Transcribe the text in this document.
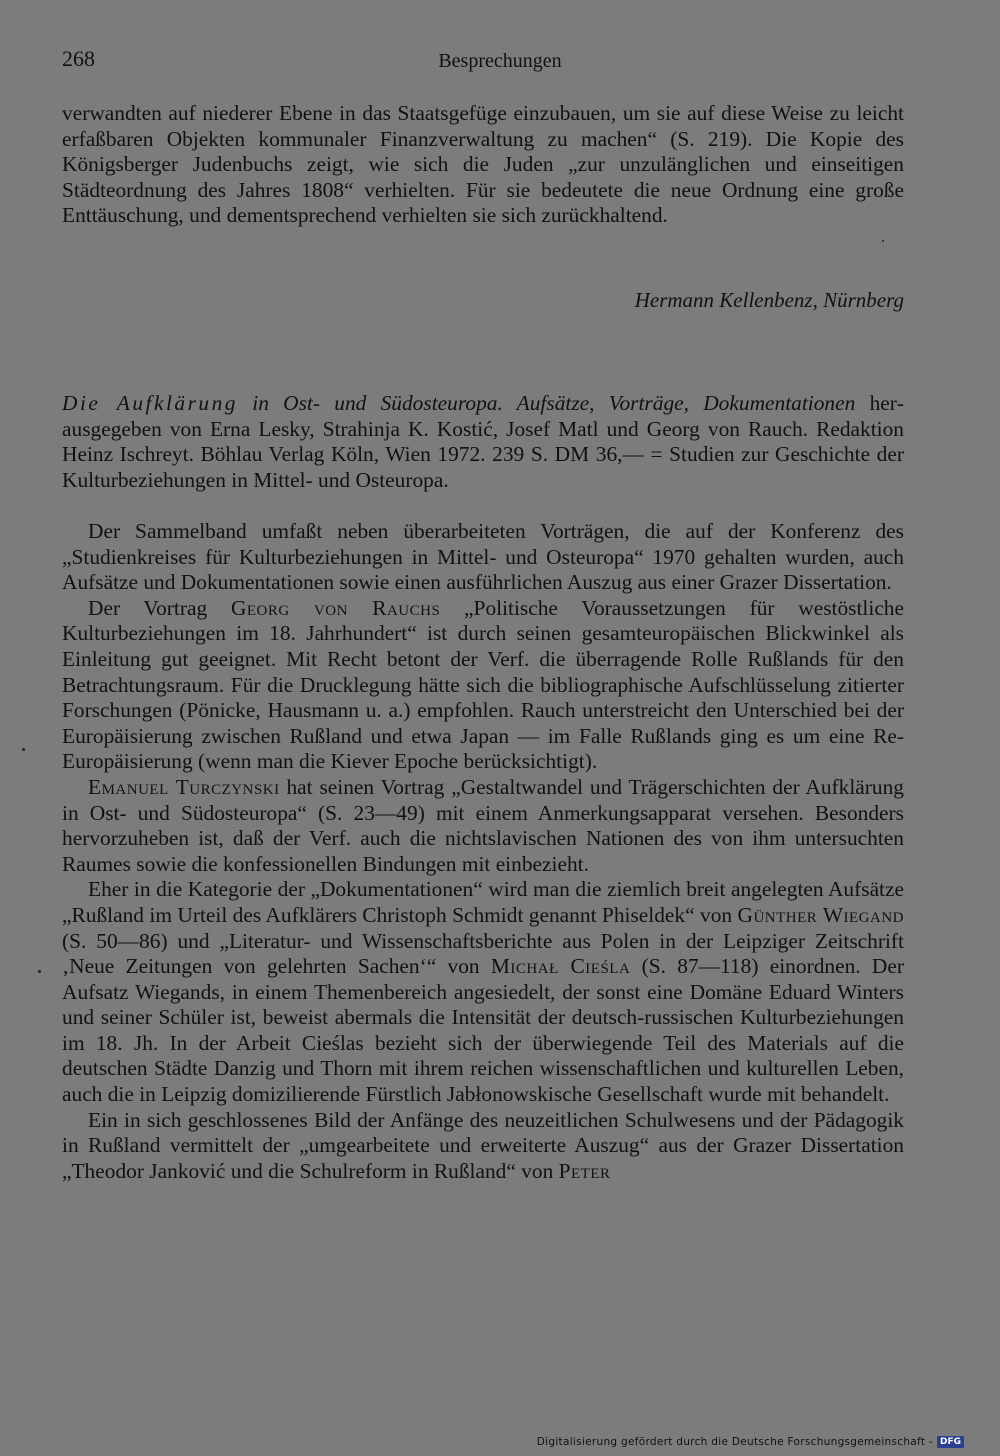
268	Besprechungen

verwandten auf niederer Ebene in das Staatsgefüge einzubauen, um sie auf diese Weise zu leicht erfaßbaren Objekten kommunaler Finanzverwaltung zu machen“ (S. 219). Die Kopie des Königsberger Judenbuchs zeigt, wie sich die Juden „zur unzulänglichen und einseitigen Städteordnung des Jahres 1808“ verhielten. Für sie bedeutete die neue Ordnung eine große Enttäuschung, und dementsprechend verhielten sie sich zurückhaltend.

Hermann Kellenbenz, Nürnberg

Die Aufklärung in Ost- und Südosteuropa. Aufsätze, Vorträge, Dokumentationen herausgegeben von Erna Lesky, Strahinja K. Kostić, Josef Matl und Georg von Rauch. Redaktion Heinz Ischreyt. Böhlau Verlag Köln, Wien 1972. 239 S. DM 36,— = Studien zur Geschichte der Kulturbeziehungen in Mittel- und Osteuropa.

Der Sammelband umfaßt neben überarbeiteten Vorträgen, die auf der Konferenz des „Studienkreises für Kulturbeziehungen in Mittel- und Osteuropa“ 1970 gehalten wurden, auch Aufsätze und Dokumentationen sowie einen ausführlichen Auszug aus einer Grazer Dissertation.

Der Vortrag Georg von Rauchs „Politische Voraussetzungen für westöstliche Kulturbeziehungen im 18. Jahrhundert“ ist durch seinen gesamteuropäischen Blickwinkel als Einleitung gut geeignet. Mit Recht betont der Verf. die überragende Rolle Rußlands für den Betrachtungsraum. Für die Drucklegung hätte sich die bibliographische Aufschlüsselung zitierter Forschungen (Pönicke, Hausmann u. a.) empfohlen. Rauch unterstreicht den Unterschied bei der Europäisierung zwischen Rußland und etwa Japan — im Falle Rußlands ging es um eine Re-Europäisierung (wenn man die Kiever Epoche berücksichtigt).

Emanuel Turczynski hat seinen Vortrag „Gestaltwandel und Trägerschichten der Aufklärung in Ost- und Südosteuropa“ (S. 23—49) mit einem Anmerkungsapparat versehen. Besonders hervorzuheben ist, daß der Verf. auch die nichtslavischen Nationen des von ihm untersuchten Raumes sowie die konfessionellen Bindungen mit einbezieht.

Eher in die Kategorie der „Dokumentationen“ wird man die ziemlich breit angelegten Aufsätze „Rußland im Urteil des Aufklärers Christoph Schmidt genannt Phiseldek“ von Günther Wiegand (S. 50—86) und „Literatur- und Wissenschaftsberichte aus Polen in der Leipziger Zeitschrift ‚Neue Zeitungen von gelehrten Sachen‘“ von Michał Cieśla (S. 87—118) einordnen. Der Aufsatz Wiegands, in einem Themenbereich angesiedelt, der sonst eine Domäne Eduard Winters und seiner Schüler ist, beweist abermals die Intensität der deutsch-russischen Kulturbeziehungen im 18. Jh. In der Arbeit Cieślas bezieht sich der überwiegende Teil des Materials auf die deutschen Städte Danzig und Thorn mit ihrem reichen wissenschaftlichen und kulturellen Leben, auch die in Leipzig domizilierende Fürstlich Jabłonowskische Gesellschaft wurde mit behandelt.

Ein in sich geschlossenes Bild der Anfänge des neuzeitlichen Schulwesens und der Pädagogik in Rußland vermittelt der „umgearbeitete und erweiterte Auszug“ aus der Grazer Dissertation „Theodor Janković und die Schulreform in Rußland“ von Peter

Digitalisierung gefördert durch die Deutsche Forschungsgemeinschaft - DFG
